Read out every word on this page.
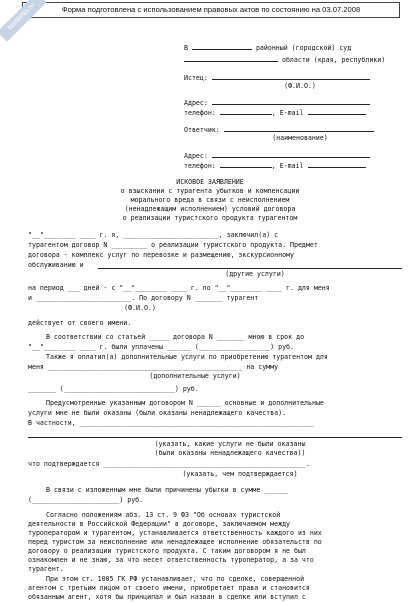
Форма подготовлена с использованием правовых актов по состоянию на 03.07.2008
NoNeNa.ru
В	районный (городской) суд
области (края, республики)
Истец:
(Ф.И.О.)
Адрес:
телефон:	, E-mail
Ответчик:
(наименование)
Адрес:
телефон:	, E-mail
ИСКОВОЕ ЗАЯВЛЕНИЕ
о взыскании с турагента убытков и компенсации
морального вреда в связи с неисполнением
(ненадлежащим исполнением) условий договора
о реализации туристского продукта турагентом
"__"________ ____ г. я, ________________________, заключил(а) с
турагентом договор N _________ о реализации туристского продукта. Предмет
договора - комплекс услуг по перевозке и размещению, экскурсионному
обслуживанию и
(другие услуги)
на период ___ дней - с "__"________ ____ г. по "__"________ ____ г. для меня
и ________________________. По договору N _______ турагент
(Ф.И.О.)
действует от своего имени.
В соответствии со статьей _____ договора N _______ мною в срок до
"__"________ ____ г. были уплачены ______ (__________________) руб.
Также я оплатил(а) дополнительные услуги по приобретению турагентом для
меня _________________________________________________ на сумму
(дополнительные услуги)
_______ (____________________________) руб.
Предусмотренные указанным договором N ______ основные и дополнительные
услуги мне не были оказаны (были оказаны ненадлежащего качества).
В частности, ___________________________________________________________
(указать, какие услуги не были оказаны
(были оказаны ненадлежащего качества))
что подтверждается ___________________________________________________.
(указать, чем подтверждается)
В связи с изложенным мне были причинены убытки в сумме ______
(______________________) руб.
Согласно положениям абз. 13 ст. 9 ФЗ "Об основах туристской
деятельности в Российской Федерации" в договоре, заключаемом между
туроператором и турагентом, устанавливается ответственность каждого из них
перед туристом за неисполнение или ненадлежащее исполнение обязательств по
договору о реализации туристского продукта. С таким договором я не был
ознакомлен и не знаю, за что несет ответственность туроператор, а за что
турагент.
При этом ст. 1005 ГК РФ устанавливает, что по сделке, совершенной
агентом с третьим лицом от своего имени, приобретает права и становится
обязанным агент, хотя бы принципал и был назван в сделке или вступил с
